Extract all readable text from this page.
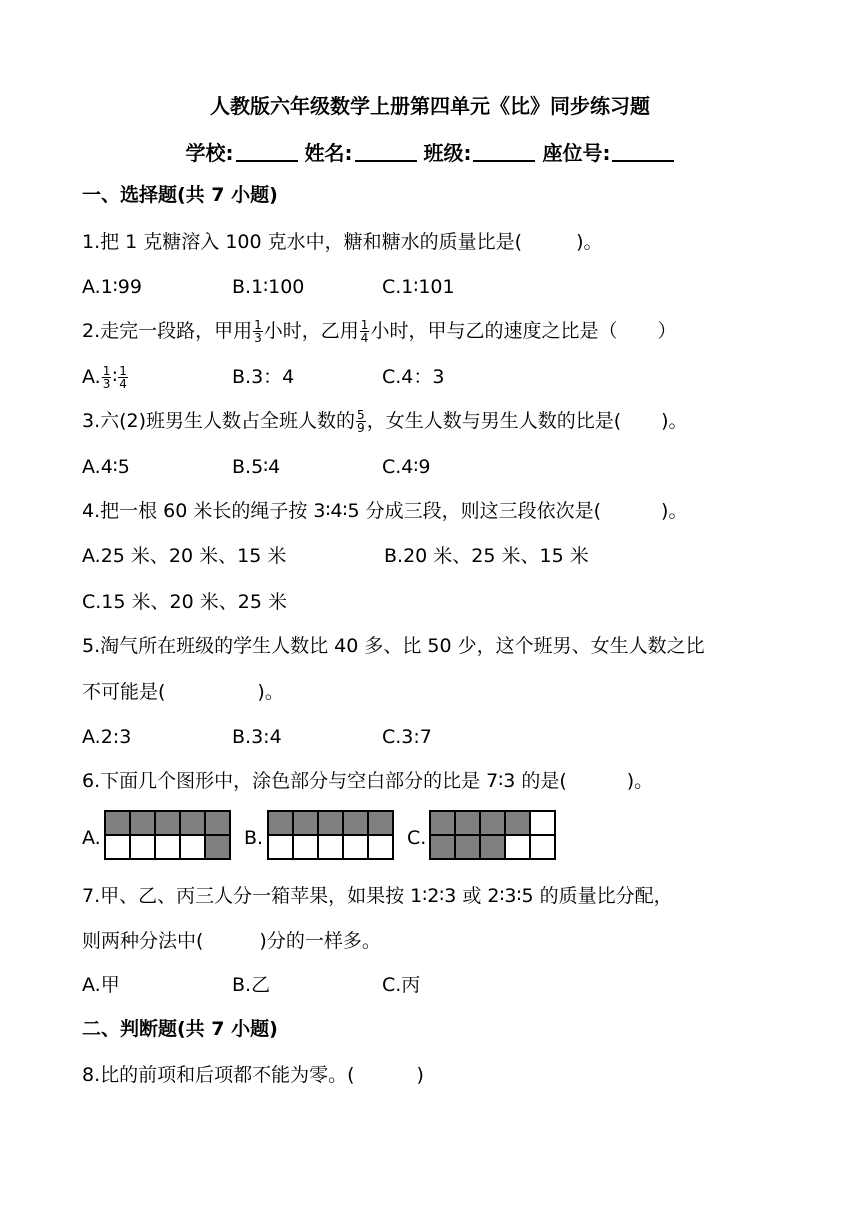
人教版六年级数学上册第四单元《比》同步练习题
学校:	姓名:	班级:	座位号:
一、选择题(共 7 小题)
1.把 1 克糖溶入 100 克水中，糖和糖水的质量比是(	)。
A.1∶99	B.1∶100	C.1∶101
2.走完一段路，甲用 $\frac{1}{3}$ 小时，乙用 $\frac{1}{4}$ 小时，甲与乙的速度之比是（ ）
A. $\frac{1}{3}$ ∶ $\frac{1}{4}$	B.3：4	C.4：3
3.六(2)班男生人数占全班人数的 $\frac{5}{9}$ ，女生人数与男生人数的比是( )。
A.4∶5	B.5∶4	C.4∶9
4.把一根 60 米长的绳子按 3∶4∶5 分成三段，则这三段依次是(	)。
A.25 米、20 米、15 米	B.20 米、25 米、15 米
C.15 米、20 米、25 米
5.淘气所在班级的学生人数比 40 多、比 50 少，这个班男、女生人数之比
不可能是(	)。
A.2:3	B.3:4	C.3:7
6.下面几个图形中，涂色部分与空白部分的比是 7∶3 的是(	)。
A.	B.	C.
7.甲、乙、丙三人分一箱苹果，如果按 1∶2∶3 或 2∶3∶5 的质量比分配，
则两种分法中(	)分的一样多。
A.甲	B.乙	C.丙
二、判断题(共 7 小题)
8.比的前项和后项都不能为零。(	)
